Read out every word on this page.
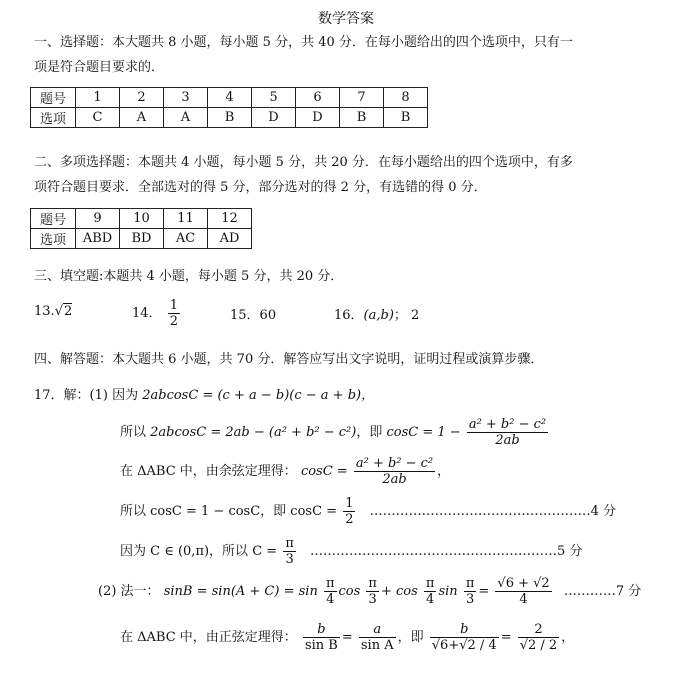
数学答案
一、选择题：本大题共 8 小题，每小题 5 分，共 40 分．在每小题给出的四个选项中，只有一
项是符合题目要求的．
题号	1	2	3	4	5	6	7	8
选项	C	A	A	B	D	D	B	B
二、多项选择题：本题共 4 小题，每小题 5 分，共 20 分．在每小题给出的四个选项中，有多
项符合题目要求．全部选对的得 5 分，部分选对的得 2 分，有选错的得 0 分．
题号	9	10	11	12
选项	ABD	BD	AC	AD
三、填空题:本题共 4 小题，每小题 5 分，共 20 分．
13.√2	14． $\frac{1}{2}$	15．60	16．(a,b)； 2
四、解答题：本大题共 6 小题，共 70 分．解答应写出文字说明，证明过程或演算步骤．
17．解：(1) 因为 2abcosC = (c + a − b)(c − a + b)，
所以 2abcosC = 2ab − (a² + b² − c²)，即 $\cos C = 1 - \frac{\text{a² + b² − c²}}{2ab}$
在 ΔABC 中，由余弦定理得： $\cos C = \frac{\text{a² + b² − c²}}{2ab}$ ，
所以 cosC = 1 − cosC，即 $\cos C = \frac{1}{2}$ ……………………………………………4 分
因为 C ∈ (0,π)，所以 $C = \frac{\pi}{3}$ …………………………………………………5 分
(2) 法一： $\sin B = \sin(A + C) = \sin \frac{\pi}{4}$ $\cos \frac{\pi}{3} + \cos \frac{\pi}{4}$ $\sin \frac{\pi}{3} = \frac{√6 + √2}{4}$ …………7 分
在 ΔABC 中，由正弦定理得： $\frac{b}{\text{sin B}} = \frac{a}{\text{sin A}}$ ，即 $\frac{b}{√6+√2 / 4} = \frac{2}{√2 / 2}$ ，
